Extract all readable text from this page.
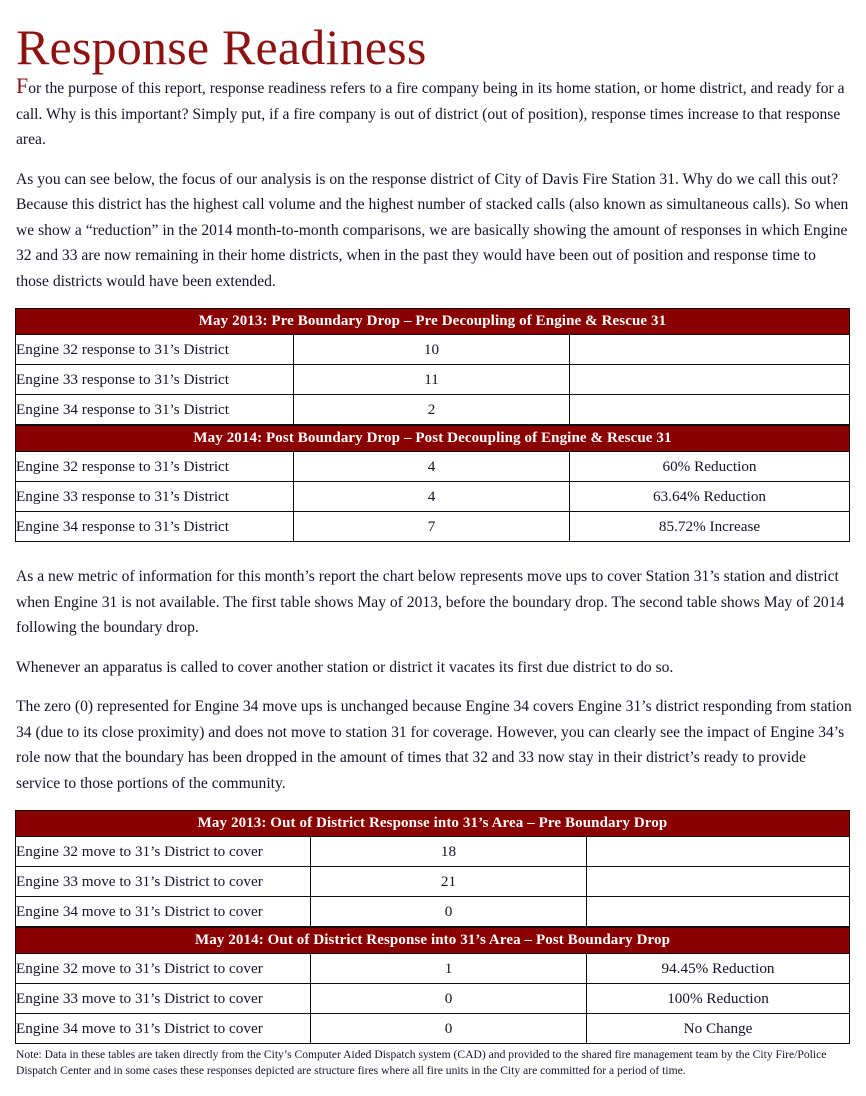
Response Readiness

For the purpose of this report, response readiness refers to a fire company being in its home station, or home district, and ready for a call. Why is this important? Simply put, if a fire company is out of district (out of position), response times increase to that response area.

As you can see below, the focus of our analysis is on the response district of City of Davis Fire Station 31. Why do we call this out? Because this district has the highest call volume and the highest number of stacked calls (also known as simultaneous calls). So when we show a “reduction” in the 2014 month-to-month comparisons, we are basically showing the amount of responses in which Engine 32 and 33 are now remaining in their home districts, when in the past they would have been out of position and response time to those districts would have been extended.

May 2013: Pre Boundary Drop – Pre Decoupling of Engine & Rescue 31		
Engine 32 response to 31’s District	10	
Engine 33 response to 31’s District	11	
Engine 34 response to 31’s District	2	
May 2014: Post Boundary Drop – Post Decoupling of Engine & Rescue 31		
Engine 32 response to 31’s District	4	60% Reduction
Engine 33 response to 31’s District	4	63.64% Reduction
Engine 34 response to 31’s District	7	85.72% Increase

As a new metric of information for this month’s report the chart below represents move ups to cover Station 31’s station and district when Engine 31 is not available. The first table shows May of 2013, before the boundary drop. The second table shows May of 2014 following the boundary drop.

Whenever an apparatus is called to cover another station or district it vacates its first due district to do so.

The zero (0) represented for Engine 34 move ups is unchanged because Engine 34 covers Engine 31’s district responding from station 34 (due to its close proximity) and does not move to station 31 for coverage. However, you can clearly see the impact of Engine 34’s role now that the boundary has been dropped in the amount of times that 32 and 33 now stay in their district’s ready to provide service to those portions of the community.

May 2013: Out of District Response into 31’s Area – Pre Boundary Drop		
Engine 32 move to 31’s District to cover	18	
Engine 33 move to 31’s District to cover	21	
Engine 34 move to 31’s District to cover	0	
May 2014: Out of District Response into 31’s Area – Post Boundary Drop		
Engine 32 move to 31’s District to cover	1	94.45% Reduction
Engine 33 move to 31’s District to cover	0	100% Reduction
Engine 34 move to 31’s District to cover	0	No Change

Note: Data in these tables are taken directly from the City’s Computer Aided Dispatch system (CAD) and provided to the shared fire management team by the City Fire/Police Dispatch Center and in some cases these responses depicted are structure fires where all fire units in the City are committed for a period of time.
